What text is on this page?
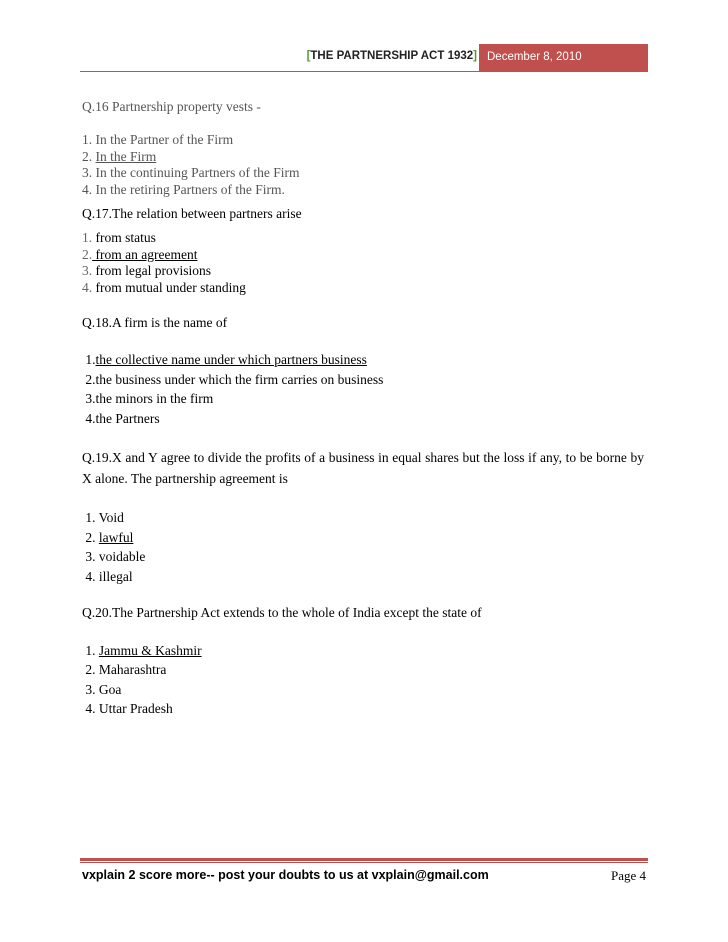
[THE PARTNERSHIP ACT 1932] December 8, 2010

Q.16 Partnership property vests -

1. In the Partner of the Firm

2. In the Firm

3. In the continuing Partners of the Firm

4. In the retiring Partners of the Firm.

Q.17.The relation between partners arise

1. from status

2. from an agreement

3. from legal provisions

4. from mutual under standing

Q.18.A firm is the name of

1.the collective name under which partners business

2.the business under which the firm carries on business

3.the minors in the firm

4.the Partners

Q.19.X and Y agree to divide the profits of a business in equal shares but the loss if any, to be borne by X alone. The partnership agreement is

1. Void

2. lawful

3. voidable

4. illegal

Q.20.The Partnership Act extends to the whole of India except the state of

1. Jammu & Kashmir

2. Maharashtra

3. Goa

4. Uttar Pradesh

vxplain 2 score more-- post your doubts to us at vxplain@gmail.com	Page 4
